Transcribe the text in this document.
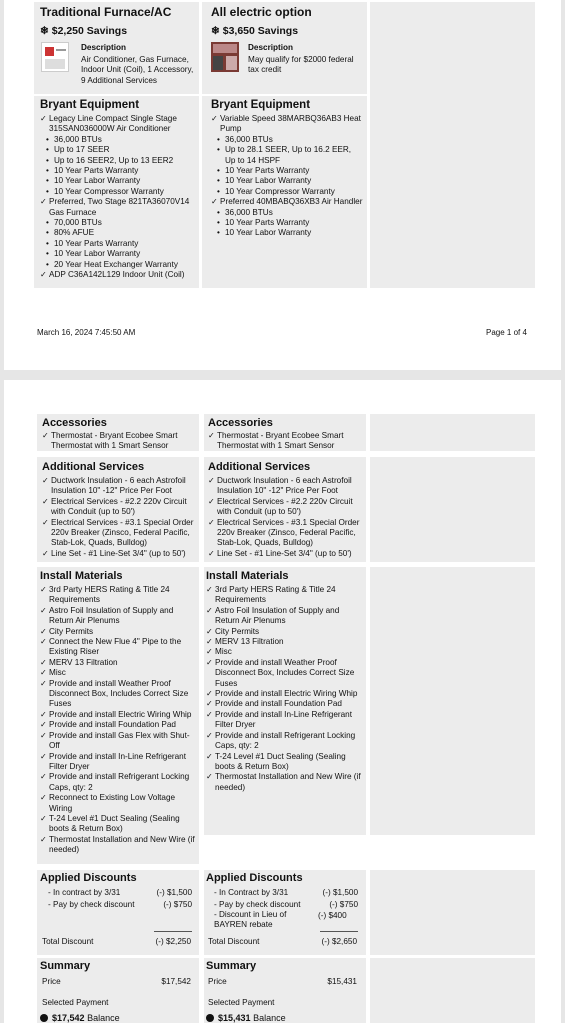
Traditional Furnace/AC
❄ $2,250 Savings
Description
Air Conditioner, Gas Furnace, Indoor Unit (Coil), 1 Accessory, 9 Additional Services
Bryant Equipment
✓ Legacy Line Compact Single Stage 315SAN036000W Air Conditioner
• 36,000 BTUs
• Up to 17 SEER
• Up to 16 SEER2, Up to 13 EER2
• 10 Year Parts Warranty
• 10 Year Labor Warranty
• 10 Year Compressor Warranty
✓ Preferred, Two Stage 821TA36070V14 Gas Furnace
• 70,000 BTUs
• 80% AFUE
• 10 Year Parts Warranty
• 10 Year Labor Warranty
• 20 Year Heat Exchanger Warranty
✓ ADP C36A142L129 Indoor Unit (Coil)
All electric option
❄ $3,650 Savings
Description
May qualify for $2000 federal tax credit
Bryant Equipment
✓ Variable Speed 38MARBQ36AB3 Heat Pump
• 36,000 BTUs
• Up to 28.1 SEER, Up to 16.2 EER, Up to 14 HSPF
• 10 Year Parts Warranty
• 10 Year Labor Warranty
• 10 Year Compressor Warranty
✓ Preferred 40MBABQ36XB3 Air Handler
• 36,000 BTUs
• 10 Year Parts Warranty
• 10 Year Labor Warranty
March 16, 2024 7:45:50 AM	Page 1 of 4
Accessories
✓ Thermostat - Bryant Ecobee Smart Thermostat with 1 Smart Sensor
Additional Services
✓ Ductwork Insulation - 6 each Astrofoil Insulation 10" -12" Price Per Foot
✓ Electrical Services - #2.2 220v Circuit with Conduit (up to 50')
✓ Electrical Services - #3.1 Special Order 220v Breaker (Zinsco, Federal Pacific, Stab-Lok, Quads, Bulldog)
✓ Line Set - #1 Line-Set 3/4" (up to 50')
Install Materials
✓ 3rd Party HERS Rating & Title 24 Requirements
✓ Astro Foil Insulation of Supply and Return Air Plenums
✓ City Permits
✓ Connect the New Flue 4" Pipe to the Existing Riser
✓ MERV 13 Filtration
✓ Misc
✓ Provide and install Weather Proof Disconnect Box, Includes Correct Size Fuses
✓ Provide and install Electric Wiring Whip
✓ Provide and install Foundation Pad
✓ Provide and install Gas Flex with Shut-Off
✓ Provide and install In-Line Refrigerant Filter Dryer
✓ Provide and install Refrigerant Locking Caps, qty: 2
✓ Reconnect to Existing Low Voltage Wiring
✓ T-24 Level #1 Duct Sealing (Sealing boots & Return Box)
✓ Thermostat Installation and New Wire (if needed)
Applied Discounts
- In contract by 3/31	(-) $1,500
- Pay by check discount	(-) $750
Total Discount	(-) $2,250
Summary
Price	$17,542
Selected Payment
$17,542 Balance
Accessories
✓ Thermostat - Bryant Ecobee Smart Thermostat with 1 Smart Sensor
Additional Services
✓ Ductwork Insulation - 6 each Astrofoil Insulation 10" -12" Price Per Foot
✓ Electrical Services - #2.2 220v Circuit with Conduit (up to 50')
✓ Electrical Services - #3.1 Special Order 220v Breaker (Zinsco, Federal Pacific, Stab-Lok, Quads, Bulldog)
✓ Line Set - #1 Line-Set 3/4" (up to 50')
Install Materials
✓ 3rd Party HERS Rating & Title 24 Requirements
✓ Astro Foil Insulation of Supply and Return Air Plenums
✓ City Permits
✓ MERV 13 Filtration
✓ Misc
✓ Provide and install Weather Proof Disconnect Box, Includes Correct Size Fuses
✓ Provide and install Electric Wiring Whip
✓ Provide and install Foundation Pad
✓ Provide and install In-Line Refrigerant Filter Dryer
✓ Provide and install Refrigerant Locking Caps, qty: 2
✓ T-24 Level #1 Duct Sealing (Sealing boots & Return Box)
✓ Thermostat Installation and New Wire (if needed)
Applied Discounts
- In Contract by 3/31	(-) $1,500
- Pay by check discount	(-) $750
- Discount in Lieu of BAYREN rebate
(-) $400
Total Discount	(-) $2,650
Summary
Price	$15,431
Selected Payment
$15,431 Balance
